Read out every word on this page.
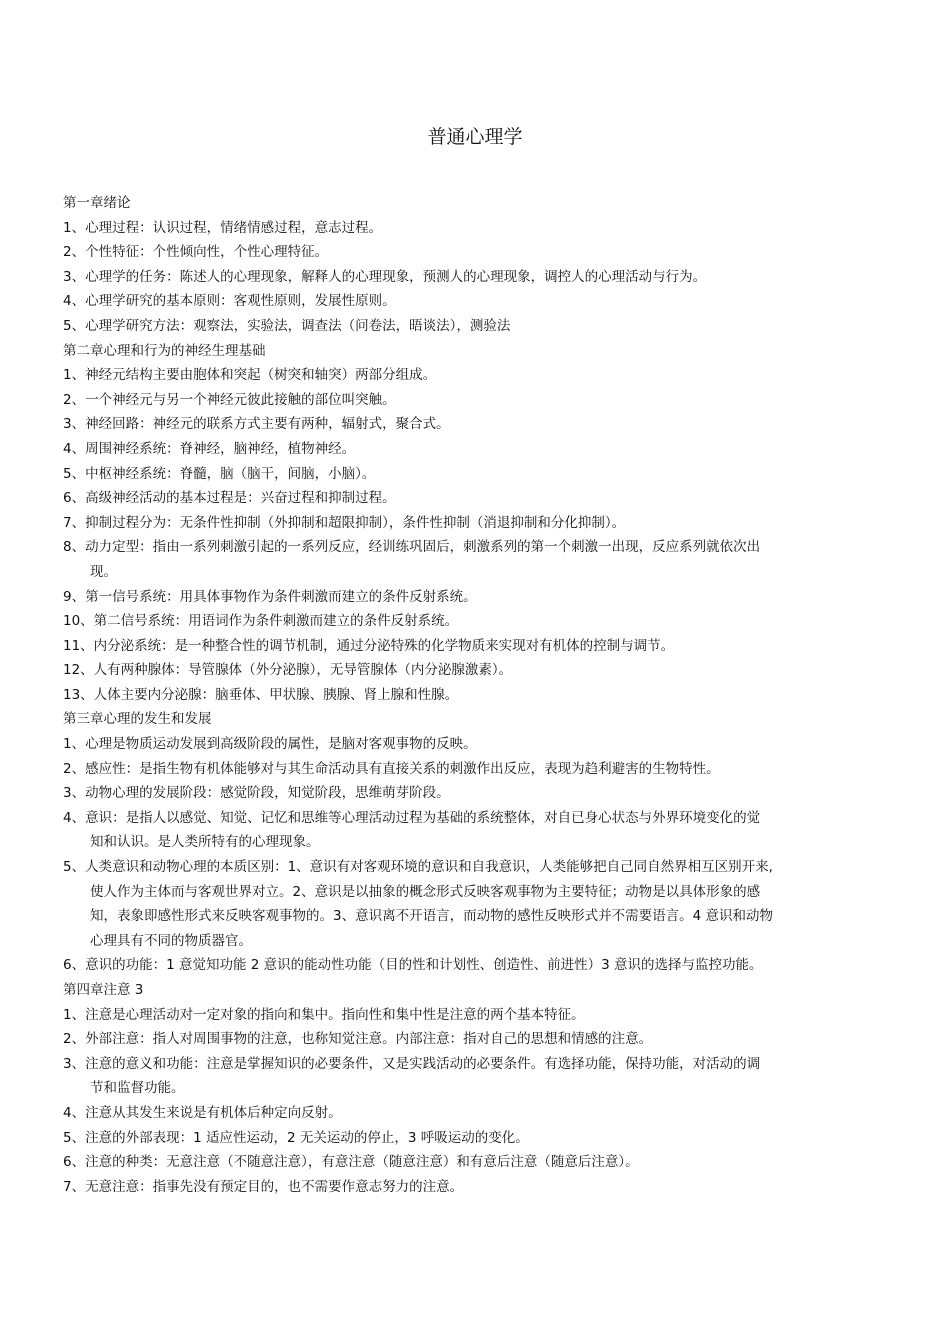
普通心理学

第一章绪论

1、心理过程：认识过程，情绪情感过程，意志过程。

2、个性特征：个性倾向性，个性心理特征。

3、心理学的任务：陈述人的心理现象，解释人的心理现象，预测人的心理现象，调控人的心理活动与行为。

4、心理学研究的基本原则：客观性原则，发展性原则。

5、心理学研究方法：观察法，实验法，调查法（问卷法，晤谈法），测验法

第二章心理和行为的神经生理基础

1、神经元结构主要由胞体和突起（树突和轴突）两部分组成。

2、一个神经元与另一个神经元彼此接触的部位叫突触。

3、神经回路：神经元的联系方式主要有两种，辐射式，聚合式。

4、周围神经系统：脊神经，脑神经，植物神经。

5、中枢神经系统：脊髓，脑（脑干，间脑，小脑）。

6、高级神经活动的基本过程是：兴奋过程和抑制过程。

7、抑制过程分为：无条件性抑制（外抑制和超限抑制），条件性抑制（消退抑制和分化抑制）。

8、动力定型：指由一系列刺激引起的一系列反应，经训练巩固后，刺激系列的第一个刺激一出现，反应系列就依次出

现。

9、第一信号系统：用具体事物作为条件刺激而建立的条件反射系统。

10、第二信号系统：用语词作为条件刺激而建立的条件反射系统。

11、内分泌系统：是一种整合性的调节机制，通过分泌特殊的化学物质来实现对有机体的控制与调节。

12、人有两种腺体：导管腺体（外分泌腺），无导管腺体（内分泌腺激素）。

13、人体主要内分泌腺：脑垂体、甲状腺、胰腺、肾上腺和性腺。

第三章心理的发生和发展

1、心理是物质运动发展到高级阶段的属性，是脑对客观事物的反映。

2、感应性：是指生物有机体能够对与其生命活动具有直接关系的刺激作出反应，表现为趋利避害的生物特性。

3、动物心理的发展阶段：感觉阶段，知觉阶段，思维萌芽阶段。

4、意识：是指人以感觉、知觉、记忆和思维等心理活动过程为基础的系统整体，对自已身心状态与外界环境变化的觉

知和认识。是人类所特有的心理现象。

5、人类意识和动物心理的本质区别：1、意识有对客观环境的意识和自我意识，人类能够把自己同自然界相互区别开来,

使人作为主体而与客观世界对立。2、意识是以抽象的概念形式反映客观事物为主要特征；动物是以具体形象的感

知，表象即感性形式来反映客观事物的。3、意识离不开语言，而动物的感性反映形式并不需要语言。4 意识和动物

心理具有不同的物质器官。

6、意识的功能：1 意觉知功能 2 意识的能动性功能（目的性和计划性、创造性、前进性）3 意识的选择与监控功能。

第四章注意 3

1、注意是心理活动对一定对象的指向和集中。指向性和集中性是注意的两个基本特征。

2、外部注意：指人对周围事物的注意，也称知觉注意。内部注意：指对自己的思想和情感的注意。

3、注意的意义和功能：注意是掌握知识的必要条件，又是实践活动的必要条件。有选择功能，保持功能，对活动的调

节和监督功能。

4、注意从其发生来说是有机体后种定向反射。

5、注意的外部表现：1 适应性运动，2 无关运动的停止，3 呼吸运动的变化。

6、注意的种类：无意注意（不随意注意），有意注意（随意注意）和有意后注意（随意后注意）。

7、无意注意：指事先没有预定目的，也不需要作意志努力的注意。
